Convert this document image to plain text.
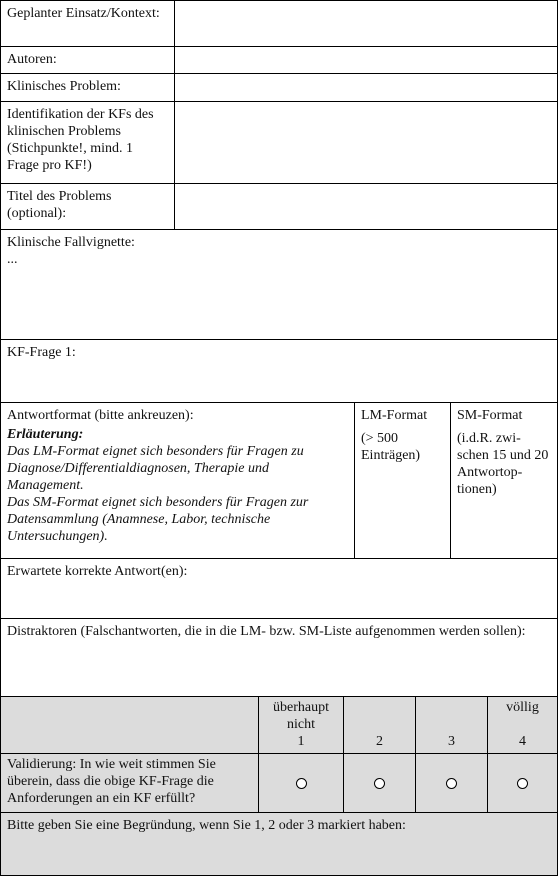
Geplanter Einsatz/Kontext:
Autoren:
Klinisches Problem:
Identifikation der KFs des klinischen Problems (Stichpunkte!, mind. 1 Frage pro KF!)
Titel des Problems (optional):
Klinische Fallvignette:
...
KF-Frage 1:
Antwortformat (bitte ankreuzen):
Erläuterung:
Das LM-Format eignet sich besonders für Fragen zu Diagnose/Differentialdiagnosen, Therapie und Management.
Das SM-Format eignet sich besonders für Fragen zur Datensammlung (Anamnese, Labor, technische Untersuchungen).
LM-Format
(> 500 Einträgen)
SM-Format
(i.d.R. zwi-schen 15 und 20 Antwortop-tionen)
Erwartete korrekte Antwort(en):
Distraktoren (Falschantworten, die in die LM- bzw. SM-Liste aufgenommen werden sollen):
überhaupt nicht
1	2	3
völlig
4
Validierung: In wie weit stimmen Sie überein, dass die obige KF-Frage die Anforderungen an ein KF erfüllt?
Bitte geben Sie eine Begründung, wenn Sie 1, 2 oder 3 markiert haben:
